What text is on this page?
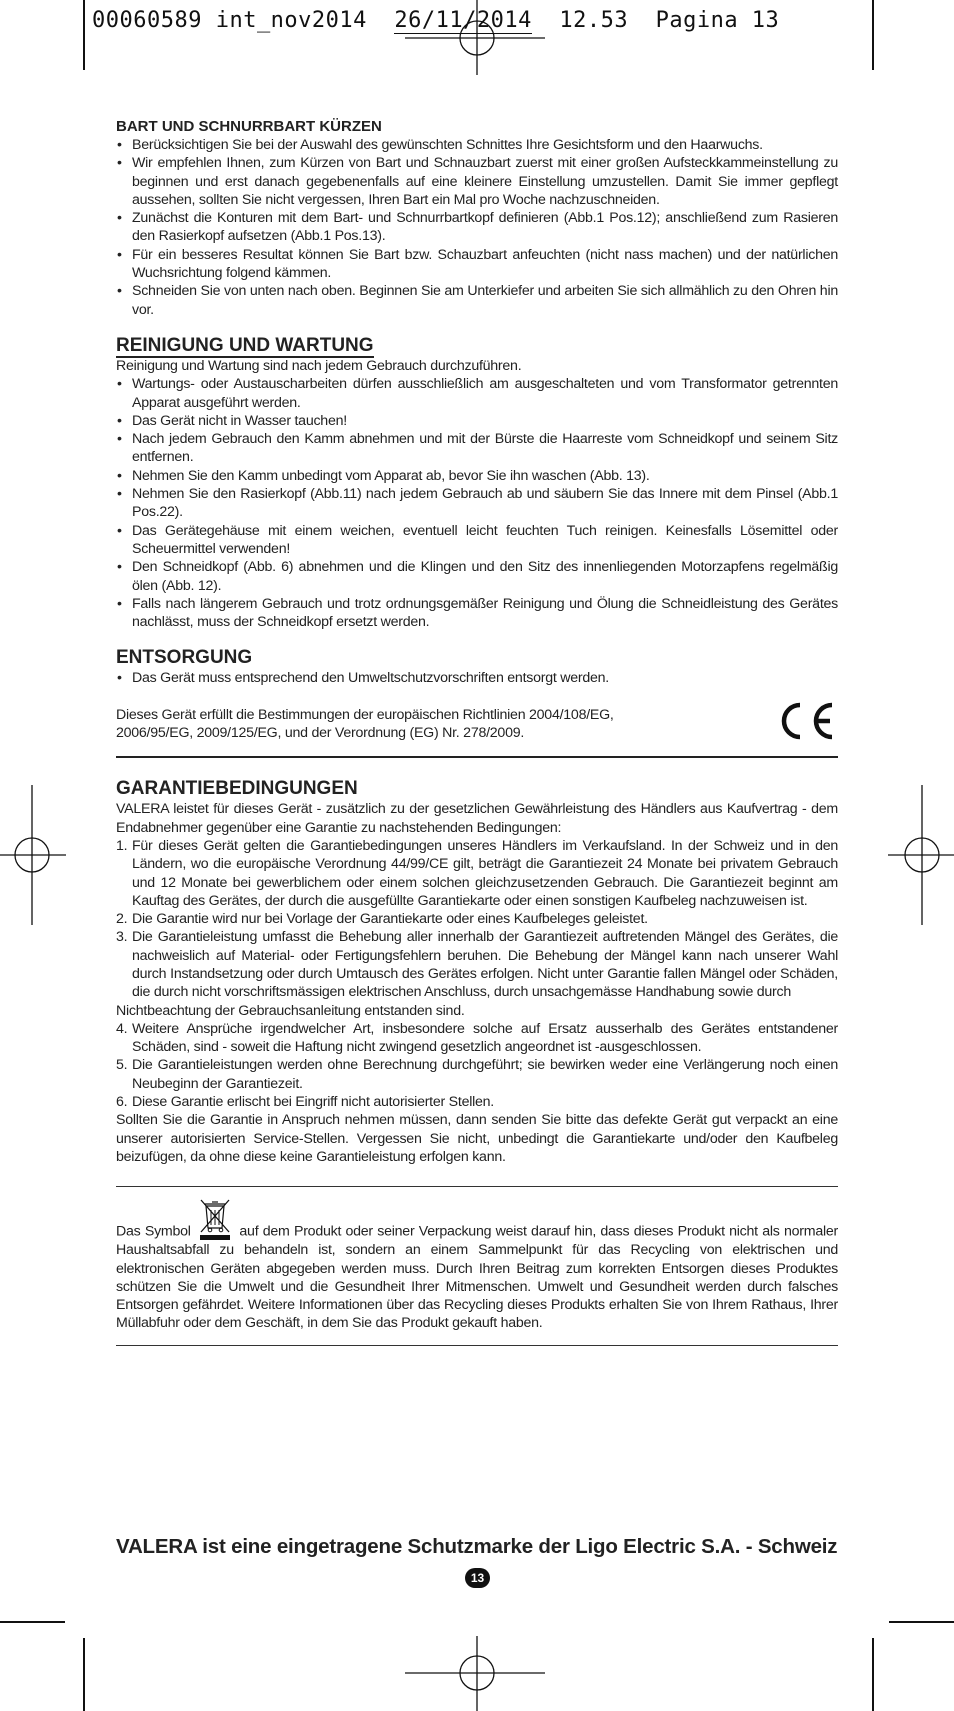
00060589 int_nov2014 26/11/2014 12.53 Pagina 13
BART UND SCHNURRBART KÜRZEN
• Berücksichtigen Sie bei der Auswahl des gewünschten Schnittes Ihre Gesichtsform und den Haarwuchs.
• Wir empfehlen Ihnen, zum Kürzen von Bart und Schnauzbart zuerst mit einer großen Aufsteckkammeinstellung zu beginnen und erst danach gegebenenfalls auf eine kleinere Einstellung umzustellen. Damit Sie immer gepflegt aussehen, sollten Sie nicht vergessen, Ihren Bart ein Mal pro Woche nachzuschneiden.
• Zunächst die Konturen mit dem Bart- und Schnurrbartkopf definieren (Abb.1 Pos.12); anschließend zum Rasieren den Rasierkopf aufsetzen (Abb.1 Pos.13).
• Für ein besseres Resultat können Sie Bart bzw. Schauzbart anfeuchten (nicht nass machen) und der natürlichen Wuchsrichtung folgend kämmen.
• Schneiden Sie von unten nach oben. Beginnen Sie am Unterkiefer und arbeiten Sie sich allmählich zu den Ohren hin vor.
REINIGUNG UND WARTUNG

Reinigung und Wartung sind nach jedem Gebrauch durchzuführen.

• Wartungs- oder Austauscharbeiten dürfen ausschließlich am ausgeschalteten und vom Transformator getrennten Apparat ausgeführt werden.
• Das Gerät nicht in Wasser tauchen!
• Nach jedem Gebrauch den Kamm abnehmen und mit der Bürste die Haarreste vom Schneidkopf und seinem Sitz entfernen.
• Nehmen Sie den Kamm unbedingt vom Apparat ab, bevor Sie ihn waschen (Abb. 13).
• Nehmen Sie den Rasierkopf (Abb.11) nach jedem Gebrauch ab und säubern Sie das Innere mit dem Pinsel (Abb.1 Pos.22).
• Das Gerätegehäuse mit einem weichen, eventuell leicht feuchten Tuch reinigen. Keinesfalls Lösemittel oder Scheuermittel verwenden!
• Den Schneidkopf (Abb. 6) abnehmen und die Klingen und den Sitz des innenliegenden Motorzapfens regelmäßig ölen (Abb. 12).
• Falls nach längerem Gebrauch und trotz ordnungsgemäßer Reinigung und Ölung die Schneidleistung des Gerätes nachlässt, muss der Schneidkopf ersetzt werden.
ENTSORGUNG
• Das Gerät muss entsprechend den Umweltschutzvorschriften entsorgt werden.

Dieses Gerät erfüllt die Bestimmungen der europäischen Richtlinien 2004/108/EG, 2006/95/EG, 2009/125/EG, und der Verordnung (EG) Nr. 278/2009.

GARANTIEBEDINGUNGEN
VALERA leistet für dieses Gerät - zusätzlich zu der gesetzlichen Gewährleistung des Händlers aus Kaufvertrag - dem Endabnehmer gegenüber eine Garantie zu nachstehenden Bedingungen:
1. Für dieses Gerät gelten die Garantiebedingungen unseres Händlers im Verkaufsland. In der Schweiz und in den Ländern, wo die europäische Verordnung 44/99/CE gilt, beträgt die Garantiezeit 24 Monate bei privatem Gebrauch und 12 Monate bei gewerblichem oder einem solchen gleichzusetzenden Gebrauch. Die Garantiezeit beginnt am Kauftag des Gerätes, der durch die ausgefüllte Garantiekarte oder einen sonstigen Kaufbeleg nachzuweisen ist.
2. Die Garantie wird nur bei Vorlage der Garantiekarte oder eines Kaufbeleges geleistet.
3. Die Garantieleistung umfasst die Behebung aller innerhalb der Garantiezeit auftretenden Mängel des Gerätes, die nachweislich auf Material- oder Fertigungsfehlern beruhen. Die Behebung der Mängel kann nach unserer Wahl durch Instandsetzung oder durch Umtausch des Gerätes erfolgen. Nicht unter Garantie fallen Mängel oder Schäden, die durch nicht vorschriftsmässigen elektrischen Anschluss, durch unsachgemässe Handhabung sowie durch

Nichtbeachtung der Gebrauchsanleitung entstanden sind.

4. Weitere Ansprüche irgendwelcher Art, insbesondere solche auf Ersatz ausserhalb des Gerätes entstandener Schäden, sind - soweit die Haftung nicht zwingend gesetzlich angeordnet ist -ausgeschlossen.
5. Die Garantieleistungen werden ohne Berechnung durchgeführt; sie bewirken weder eine Verlängerung noch einen Neubeginn der Garantiezeit.
6. Diese Garantie erlischt bei Eingriff nicht autorisierter Stellen.

Sollten Sie die Garantie in Anspruch nehmen müssen, dann senden Sie bitte das defekte Gerät gut verpackt an eine unserer autorisierten Service-Stellen. Vergessen Sie nicht, unbedingt die Garantiekarte und/oder den Kaufbeleg beizufügen, da ohne diese keine Garantieleistung erfolgen kann.

Das Symbol	auf dem Produkt oder seiner Verpackung weist darauf hin, dass dieses Produkt nicht als normaler Haushaltsabfall zu behandeln ist, sondern an einem Sammelpunkt für das Recycling von elektrischen und elektronischen Geräten abgegeben werden muss. Durch Ihren Beitrag zum korrekten Entsorgen dieses Produktes schützen Sie die Umwelt und die Gesundheit Ihrer Mitmenschen. Umwelt und Gesundheit werden durch falsches Entsorgen gefährdet. Weitere Informationen über das Recycling dieses Produkts erhalten Sie von Ihrem Rathaus, Ihrer Müllabfuhr oder dem Geschäft, in dem Sie das Produkt gekauft haben.

VALERA ist eine eingetragene Schutzmarke der Ligo Electric S.A. - Schweiz
13
